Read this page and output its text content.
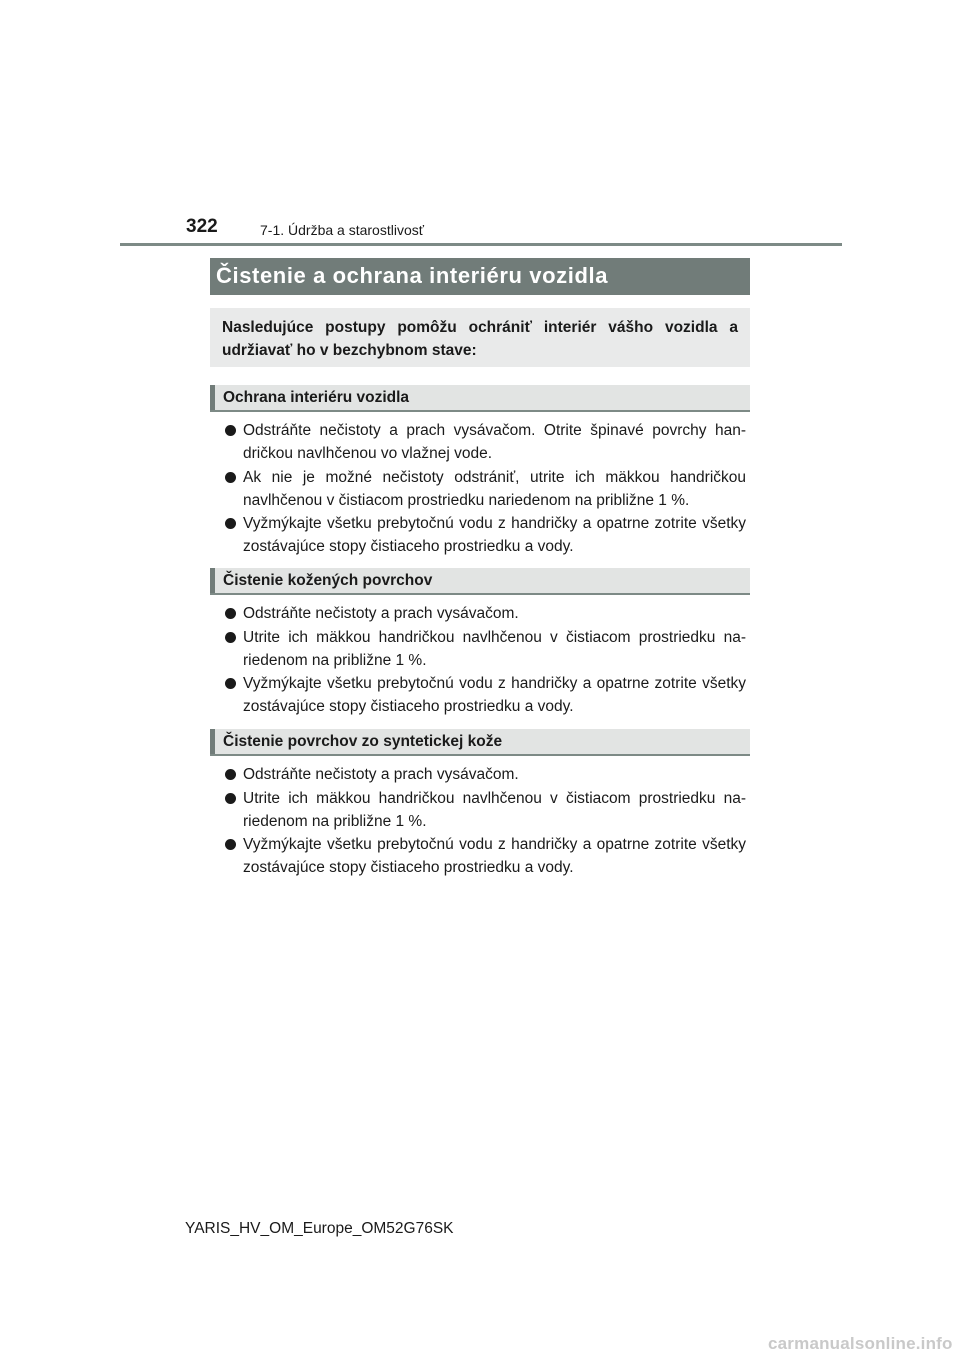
322	7-1. Údržba a starostlivosť
Čistenie a ochrana interiéru vozidla
Nasledujúce postupy pomôžu ochrániť interiér vášho vozidla a udržiavať ho v bezchybnom stave:
Ochrana interiéru vozidla
Odstráňte nečistoty a prach vysávačom. Otrite špinavé povrchy handričkou navlhčenou vo vlažnej vode.
Ak nie je možné nečistoty odstrániť, utrite ich mäkkou handričkou navlhčenou v čistiacom prostriedku nariedenom na približne 1 %.
Vyžmýkajte všetku prebytočnú vodu z handričky a opatrne zotrite všetky zostávajúce stopy čistiaceho prostriedku a vody.
Čistenie kožených povrchov
Odstráňte nečistoty a prach vysávačom.
Utrite ich mäkkou handričkou navlhčenou v čistiacom prostriedku nariedenom na približne 1 %.
Vyžmýkajte všetku prebytočnú vodu z handričky a opatrne zotrite všetky zostávajúce stopy čistiaceho prostriedku a vody.
Čistenie povrchov zo syntetickej kože
Odstráňte nečistoty a prach vysávačom.
Utrite ich mäkkou handričkou navlhčenou v čistiacom prostriedku nariedenom na približne 1 %.
Vyžmýkajte všetku prebytočnú vodu z handričky a opatrne zotrite všetky zostávajúce stopy čistiaceho prostriedku a vody.
YARIS_HV_OM_Europe_OM52G76SK
carmanualsonline.info
